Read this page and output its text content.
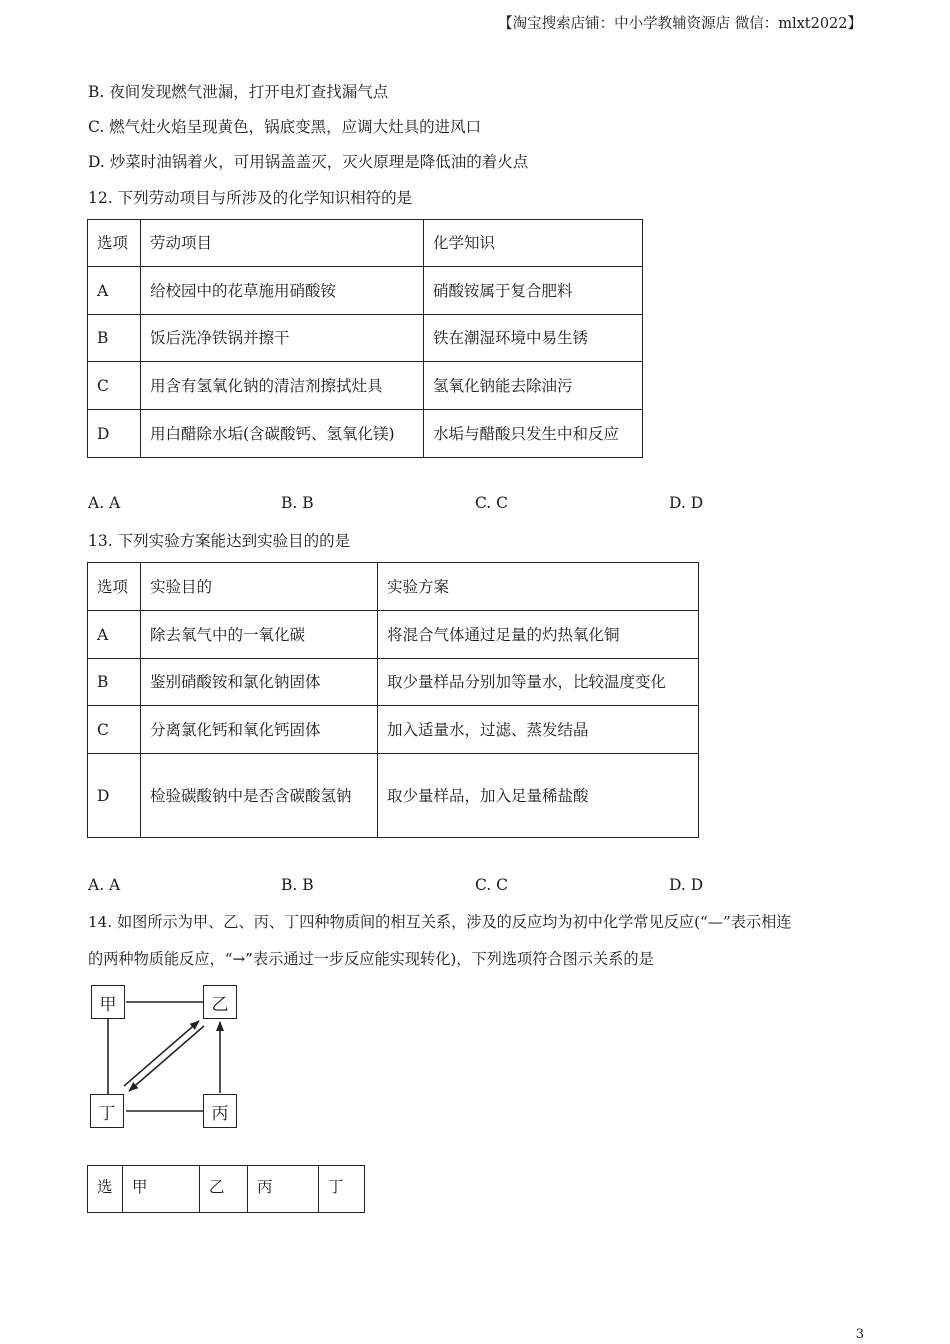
【淘宝搜索店铺：中小学教辅资源店 微信：mlxt2022】
B. 夜间发现燃气泄漏，打开电灯查找漏气点
C. 燃气灶火焰呈现黄色，锅底变黑，应调大灶具的进风口
D. 炒菜时油锅着火，可用锅盖盖灭，灭火原理是降低油的着火点
12. 下列劳动项目与所涉及的化学知识相符的是
选项	劳动项目	化学知识
A	给校园中的花草施用硝酸铵	硝酸铵属于复合肥料
B	饭后洗净铁锅并擦干	铁在潮湿环境中易生锈
C	用含有氢氧化钠的清洁剂擦拭灶具	氢氧化钠能去除油污
D	用白醋除水垢(含碳酸钙、氢氧化镁)	水垢与醋酸只发生中和反应
A. A	B. B	C. C	D. D
13. 下列实验方案能达到实验目的的是
选项	实验目的	实验方案
A	除去氧气中的一氧化碳	将混合气体通过足量的灼热氧化铜
B	鉴别硝酸铵和氯化钠固体	取少量样品分别加等量水，比较温度变化
C	分离氯化钙和氧化钙固体	加入适量水，过滤、蒸发结晶
D	检验碳酸钠中是否含碳酸氢钠	取少量样品，加入足量稀盐酸
A. A	B. B	C. C	D. D
14. 如图所示为甲、乙、丙、丁四种物质间的相互关系，涉及的反应均为初中化学常见反应(“—”表示相连
的两种物质能反应，“→”表示通过一步反应能实现转化)，下列选项符合图示关系的是
甲	乙
丁	丙
选	甲	乙	丙	丁
3
